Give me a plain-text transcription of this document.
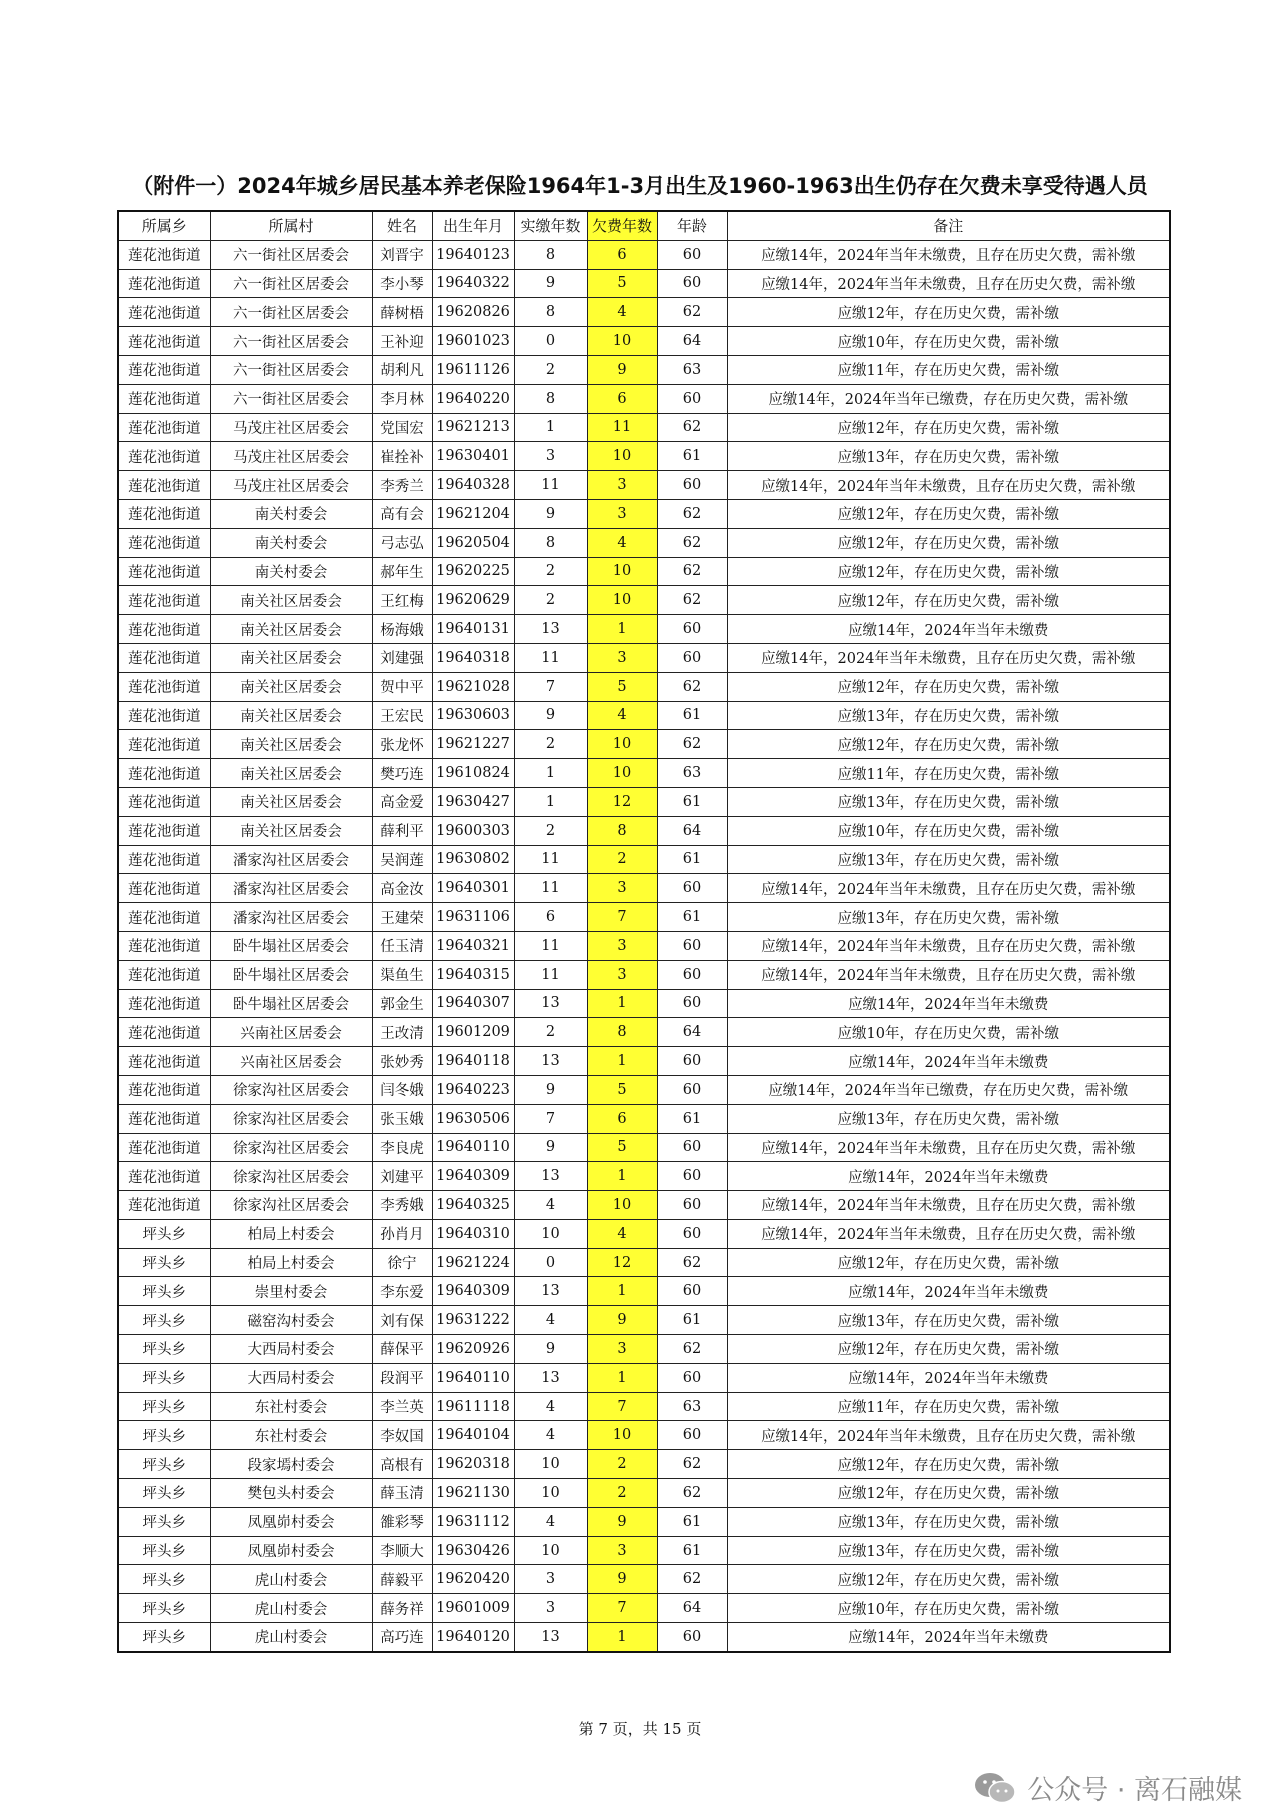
（附件一）2024年城乡居民基本养老保险1964年1-3月出生及1960-1963出生仍存在欠费未享受待遇人员
所属乡	所属村	姓名	出生年月	实缴年数	欠费年数	年龄	备注
莲花池街道	六一街社区居委会	刘晋宇	19640123	8	6	60	应缴14年，2024年当年未缴费，且存在历史欠费，需补缴
莲花池街道	六一街社区居委会	李小琴	19640322	9	5	60	应缴14年，2024年当年未缴费，且存在历史欠费，需补缴
莲花池街道	六一街社区居委会	薛树梧	19620826	8	4	62	应缴12年，存在历史欠费，需补缴
莲花池街道	六一街社区居委会	王补迎	19601023	0	10	64	应缴10年，存在历史欠费，需补缴
莲花池街道	六一街社区居委会	胡利凡	19611126	2	9	63	应缴11年，存在历史欠费，需补缴
莲花池街道	六一街社区居委会	李月林	19640220	8	6	60	应缴14年，2024年当年已缴费，存在历史欠费，需补缴
莲花池街道	马茂庄社区居委会	党国宏	19621213	1	11	62	应缴12年，存在历史欠费，需补缴
莲花池街道	马茂庄社区居委会	崔拴补	19630401	3	10	61	应缴13年，存在历史欠费，需补缴
莲花池街道	马茂庄社区居委会	李秀兰	19640328	11	3	60	应缴14年，2024年当年未缴费，且存在历史欠费，需补缴
莲花池街道	南关村委会	高有会	19621204	9	3	62	应缴12年，存在历史欠费，需补缴
莲花池街道	南关村委会	弓志弘	19620504	8	4	62	应缴12年，存在历史欠费，需补缴
莲花池街道	南关村委会	郝年生	19620225	2	10	62	应缴12年，存在历史欠费，需补缴
莲花池街道	南关社区居委会	王红梅	19620629	2	10	62	应缴12年，存在历史欠费，需补缴
莲花池街道	南关社区居委会	杨海娥	19640131	13	1	60	应缴14年，2024年当年未缴费
莲花池街道	南关社区居委会	刘建强	19640318	11	3	60	应缴14年，2024年当年未缴费，且存在历史欠费，需补缴
莲花池街道	南关社区居委会	贺中平	19621028	7	5	62	应缴12年，存在历史欠费，需补缴
莲花池街道	南关社区居委会	王宏民	19630603	9	4	61	应缴13年，存在历史欠费，需补缴
莲花池街道	南关社区居委会	张龙怀	19621227	2	10	62	应缴12年，存在历史欠费，需补缴
莲花池街道	南关社区居委会	樊巧连	19610824	1	10	63	应缴11年，存在历史欠费，需补缴
莲花池街道	南关社区居委会	高金爱	19630427	1	12	61	应缴13年，存在历史欠费，需补缴
莲花池街道	南关社区居委会	薛利平	19600303	2	8	64	应缴10年，存在历史欠费，需补缴
莲花池街道	潘家沟社区居委会	吴润莲	19630802	11	2	61	应缴13年，存在历史欠费，需补缴
莲花池街道	潘家沟社区居委会	高金汝	19640301	11	3	60	应缴14年，2024年当年未缴费，且存在历史欠费，需补缴
莲花池街道	潘家沟社区居委会	王建荣	19631106	6	7	61	应缴13年，存在历史欠费，需补缴
莲花池街道	卧牛塌社区居委会	任玉清	19640321	11	3	60	应缴14年，2024年当年未缴费，且存在历史欠费，需补缴
莲花池街道	卧牛塌社区居委会	渠鱼生	19640315	11	3	60	应缴14年，2024年当年未缴费，且存在历史欠费，需补缴
莲花池街道	卧牛塌社区居委会	郭金生	19640307	13	1	60	应缴14年，2024年当年未缴费
莲花池街道	兴南社区居委会	王改清	19601209	2	8	64	应缴10年，存在历史欠费，需补缴
莲花池街道	兴南社区居委会	张妙秀	19640118	13	1	60	应缴14年，2024年当年未缴费
莲花池街道	徐家沟社区居委会	闫冬娥	19640223	9	5	60	应缴14年，2024年当年已缴费，存在历史欠费，需补缴
莲花池街道	徐家沟社区居委会	张玉娥	19630506	7	6	61	应缴13年，存在历史欠费，需补缴
莲花池街道	徐家沟社区居委会	李良虎	19640110	9	5	60	应缴14年，2024年当年未缴费，且存在历史欠费，需补缴
莲花池街道	徐家沟社区居委会	刘建平	19640309	13	1	60	应缴14年，2024年当年未缴费
莲花池街道	徐家沟社区居委会	李秀娥	19640325	4	10	60	应缴14年，2024年当年未缴费，且存在历史欠费，需补缴
坪头乡	柏局上村委会	孙肖月	19640310	10	4	60	应缴14年，2024年当年未缴费，且存在历史欠费，需补缴
坪头乡	柏局上村委会	徐宁	19621224	0	12	62	应缴12年，存在历史欠费，需补缴
坪头乡	崇里村委会	李东爱	19640309	13	1	60	应缴14年，2024年当年未缴费
坪头乡	磁窑沟村委会	刘有保	19631222	4	9	61	应缴13年，存在历史欠费，需补缴
坪头乡	大西局村委会	薛保平	19620926	9	3	62	应缴12年，存在历史欠费，需补缴
坪头乡	大西局村委会	段润平	19640110	13	1	60	应缴14年，2024年当年未缴费
坪头乡	东社村委会	李兰英	19611118	4	7	63	应缴11年，存在历史欠费，需补缴
坪头乡	东社村委会	李奴国	19640104	4	10	60	应缴14年，2024年当年未缴费，且存在历史欠费，需补缴
坪头乡	段家墕村委会	高根有	19620318	10	2	62	应缴12年，存在历史欠费，需补缴
坪头乡	樊包头村委会	薛玉清	19621130	10	2	62	应缴12年，存在历史欠费，需补缴
坪头乡	凤凰峁村委会	雒彩琴	19631112	4	9	61	应缴13年，存在历史欠费，需补缴
坪头乡	凤凰峁村委会	李顺大	19630426	10	3	61	应缴13年，存在历史欠费，需补缴
坪头乡	虎山村委会	薛毅平	19620420	3	9	62	应缴12年，存在历史欠费，需补缴
坪头乡	虎山村委会	薛务祥	19601009	3	7	64	应缴10年，存在历史欠费，需补缴
坪头乡	虎山村委会	高巧连	19640120	13	1	60	应缴14年，2024年当年未缴费
第 7 页，共 15 页
公众号 · 离石融媒
